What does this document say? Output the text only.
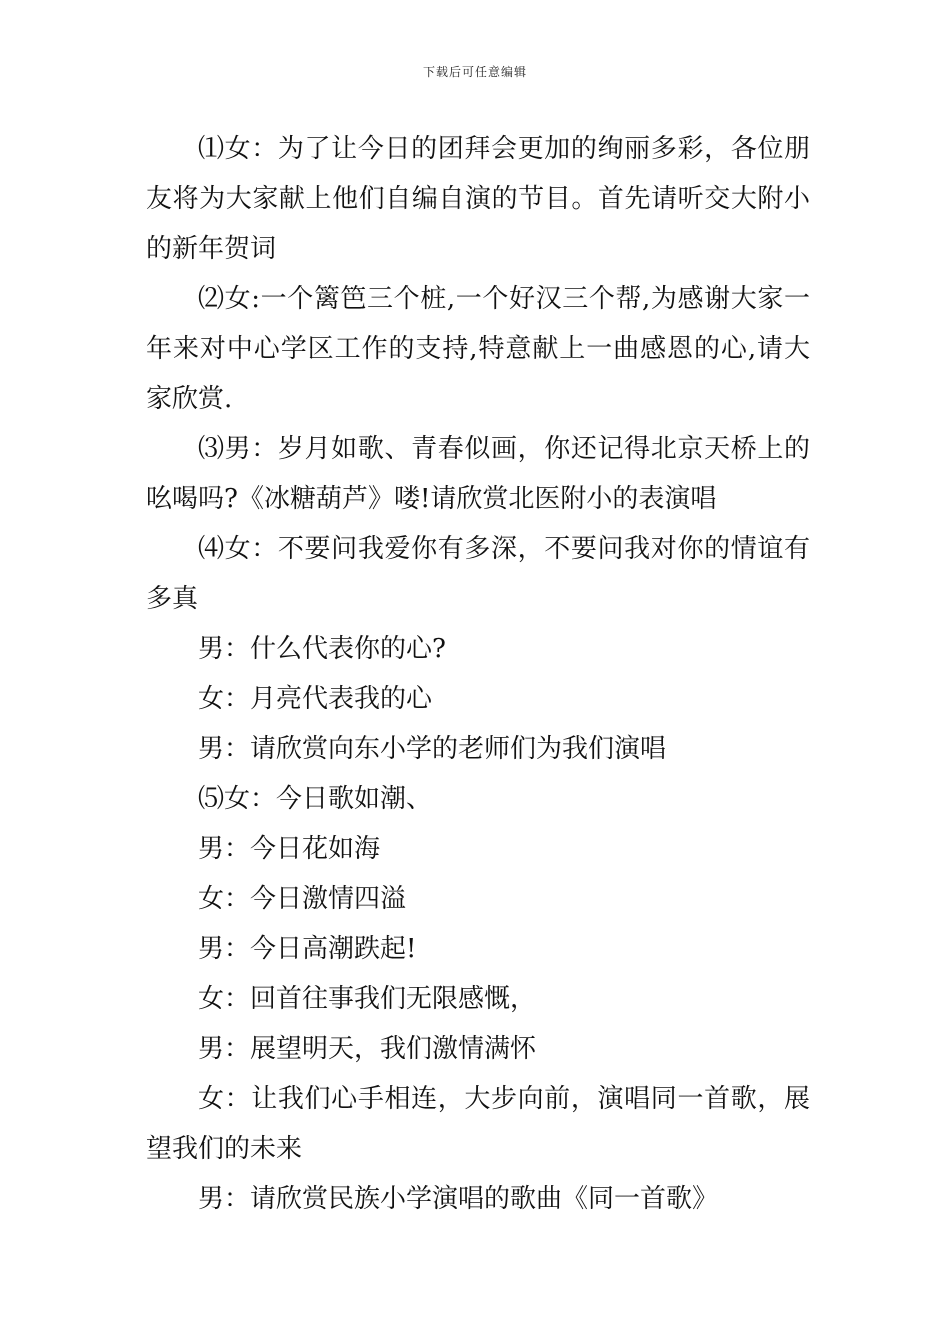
下载后可任意编辑

⑴女：为了让今日的团拜会更加的绚丽多彩，各位朋友将为大家献上他们自编自演的节目。首先请听交大附小的新年贺词

⑵女:一个篱笆三个桩,一个好汉三个帮,为感谢大家一年来对中心学区工作的支持,特意献上一曲感恩的心,请大家欣赏.

⑶男：岁月如歌、青春似画，你还记得北京天桥上的吆喝吗?《冰糖葫芦》喽!请欣赏北医附小的表演唱

⑷女：不要问我爱你有多深，不要问我对你的情谊有多真

男：什么代表你的心?

女：月亮代表我的心

男：请欣赏向东小学的老师们为我们演唱

⑸女：今日歌如潮、

男：今日花如海

女：今日激情四溢

男：今日高潮跌起!

女：回首往事我们无限感慨，

男：展望明天，我们激情满怀

女：让我们心手相连，大步向前，演唱同一首歌，展望我们的未来

男：请欣赏民族小学演唱的歌曲《同一首歌》
